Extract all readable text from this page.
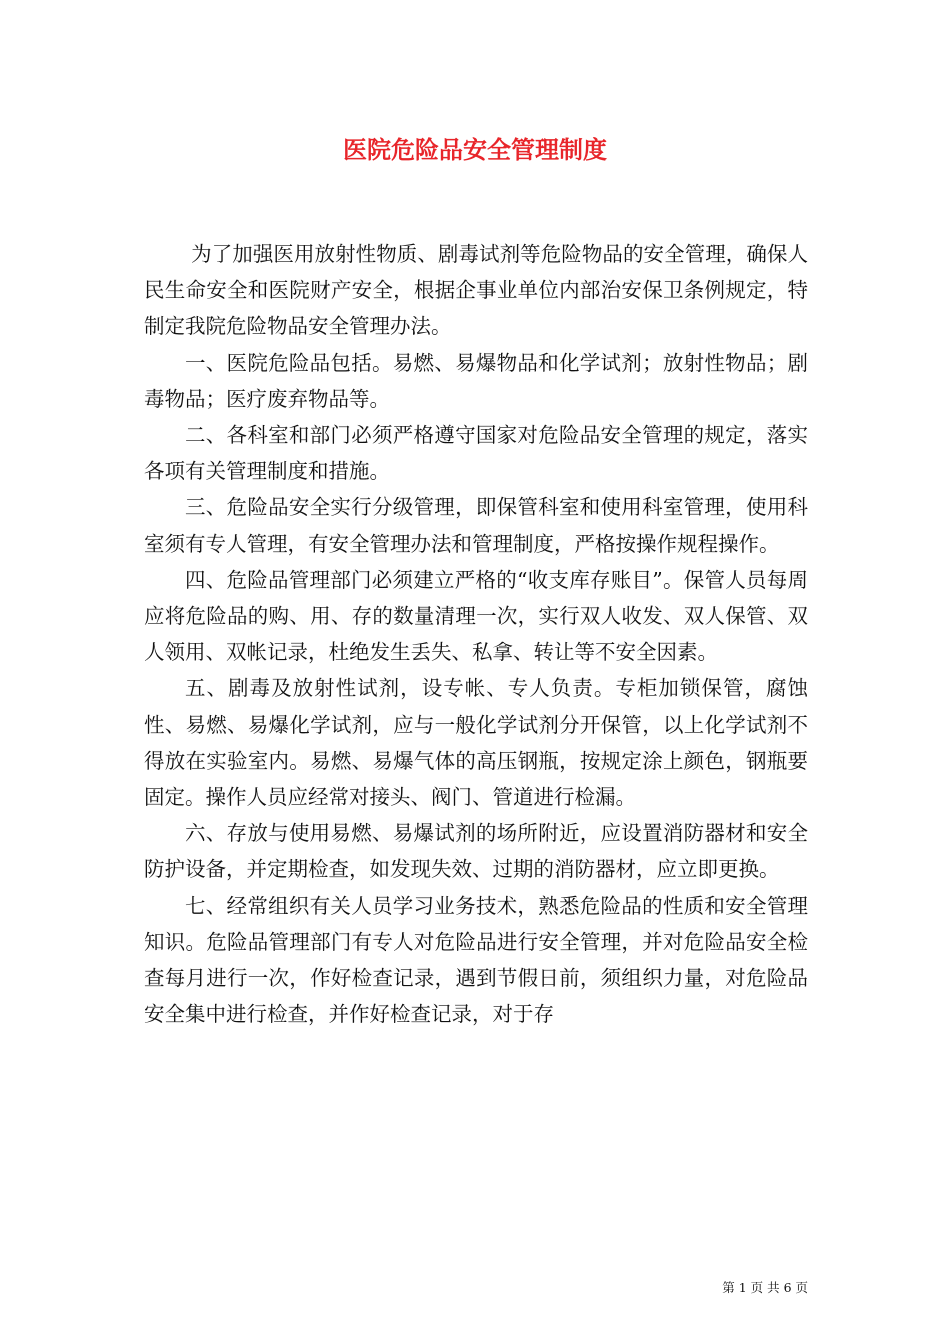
医院危险品安全管理制度

为了加强医用放射性物质、剧毒试剂等危险物品的安全管理，确保人民生命安全和医院财产安全，根据企事业单位内部治安保卫条例规定，特制定我院危险物品安全管理办法。

一、医院危险品包括。易燃、易爆物品和化学试剂；放射性物品；剧毒物品；医疗废弃物品等。

二、各科室和部门必须严格遵守国家对危险品安全管理的规定，落实各项有关管理制度和措施。

三、危险品安全实行分级管理，即保管科室和使用科室管理，使用科室须有专人管理，有安全管理办法和管理制度，严格按操作规程操作。

四、危险品管理部门必须建立严格的“收支库存账目”。保管人员每周应将危险品的购、用、存的数量清理一次，实行双人收发、双人保管、双人领用、双帐记录，杜绝发生丢失、私拿、转让等不安全因素。

五、剧毒及放射性试剂，设专帐、专人负责。专柜加锁保管，腐蚀性、易燃、易爆化学试剂，应与一般化学试剂分开保管，以上化学试剂不得放在实验室内。易燃、易爆气体的高压钢瓶，按规定涂上颜色，钢瓶要固定。操作人员应经常对接头、阀门、管道进行检漏。

六、存放与使用易燃、易爆试剂的场所附近，应设置消防器材和安全防护设备，并定期检查，如发现失效、过期的消防器材，应立即更换。

七、经常组织有关人员学习业务技术，熟悉危险品的性质和安全管理知识。危险品管理部门有专人对危险品进行安全管理，并对危险品安全检查每月进行一次，作好检查记录，遇到节假日前，须组织力量，对危险品安全集中进行检查，并作好检查记录，对于存

第 1 页 共 6 页
